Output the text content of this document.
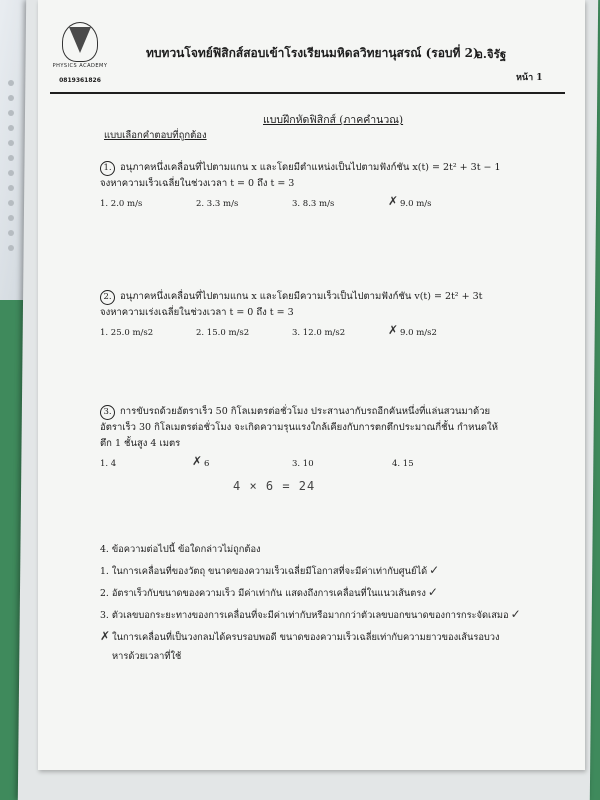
PHYSICS ACADEMY
0819361826
ทบทวนโจทย์ฟิสิกส์สอบเข้าโรงเรียนมหิดลวิทยานุสรณ์ (รอบที่ 2)
อ.จิรัฐ
หน้า 1
แบบฝึกหัดฟิสิกส์ (ภาคคำนวณ)
แบบเลือกคำตอบที่ถูกต้อง
1. อนุภาคหนึ่งเคลื่อนที่ไปตามแกน x และโดยมีตำแหน่งเป็นไปตามฟังก์ชัน x(t) = 2t² + 3t − 1
จงหาความเร็วเฉลี่ยในช่วงเวลา t = 0 ถึง t = 3
1. 2.0 m/s	2. 3.3 m/s	3. 8.3 m/s	✗ 9.0 m/s
2. อนุภาคหนึ่งเคลื่อนที่ไปตามแกน x และโดยมีความเร็วเป็นไปตามฟังก์ชัน v(t) = 2t² + 3t
จงหาความเร่งเฉลี่ยในช่วงเวลา t = 0 ถึง t = 3
1. 25.0 m/s2	2. 15.0 m/s2	3. 12.0 m/s2	✗ 9.0 m/s2
3. การขับรถด้วยอัตราเร็ว 50 กิโลเมตรต่อชั่วโมง ประสานงากับรถอีกคันหนึ่งที่แล่นสวนมาด้วย
อัตราเร็ว 30 กิโลเมตรต่อชั่วโมง จะเกิดความรุนแรงใกล้เคียงกับการตกตึกประมาณกี่ชั้น กำหนดให้
ตึก 1 ชั้นสูง 4 เมตร
1. 4	✗ 6	3. 10	4. 15
4 × 6 = 24
4. ข้อความต่อไปนี้ ข้อใดกล่าวไม่ถูกต้อง
1. ในการเคลื่อนที่ของวัตถุ ขนาดของความเร็วเฉลี่ยมีโอกาสที่จะมีค่าเท่ากับศูนย์ได้ ✓
2. อัตราเร็วกับขนาดของความเร็ว มีค่าเท่ากัน แสดงถึงการเคลื่อนที่ในแนวเส้นตรง ✓
3. ตัวเลขบอกระยะทางของการเคลื่อนที่จะมีค่าเท่ากับหรือมากกว่าตัวเลขบอกขนาดของการกระจัดเสมอ ✓
✗ ในการเคลื่อนที่เป็นวงกลมได้ครบรอบพอดี ขนาดของความเร็วเฉลี่ยเท่ากับความยาวของเส้นรอบวง
หารด้วยเวลาที่ใช้
